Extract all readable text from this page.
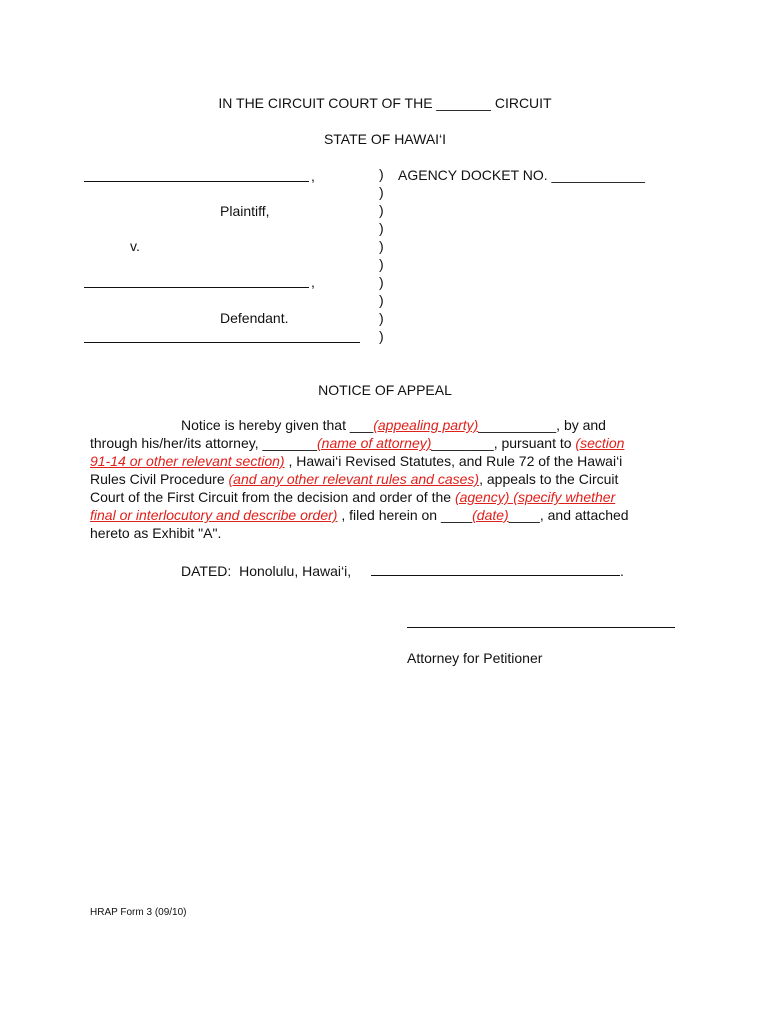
IN THE CIRCUIT COURT OF THE _______ CIRCUIT
STATE OF HAWAI‘I
,
Plaintiff,
v.
,
Defendant.
)
)
)
)
)
)
)
)
)
)
AGENCY DOCKET NO. ____________
NOTICE OF APPEAL
Notice is hereby given that ___(appealing party)__________, by and
through his/her/its attorney, _______(name of attorney)________, pursuant to (section
91-14 or other relevant section) , Hawai‘i Revised Statutes, and Rule 72 of the Hawai‘i
Rules Civil Procedure (and any other relevant rules and cases), appeals to the Circuit
Court of the First Circuit from the decision and order of the (agency) (specify whether
final or interlocutory and describe order) , filed herein on ____(date)____, and attached
hereto as Exhibit "A".
DATED:  Honolulu, Hawai‘i,	.
Attorney for Petitioner
HRAP Form 3 (09/10)
